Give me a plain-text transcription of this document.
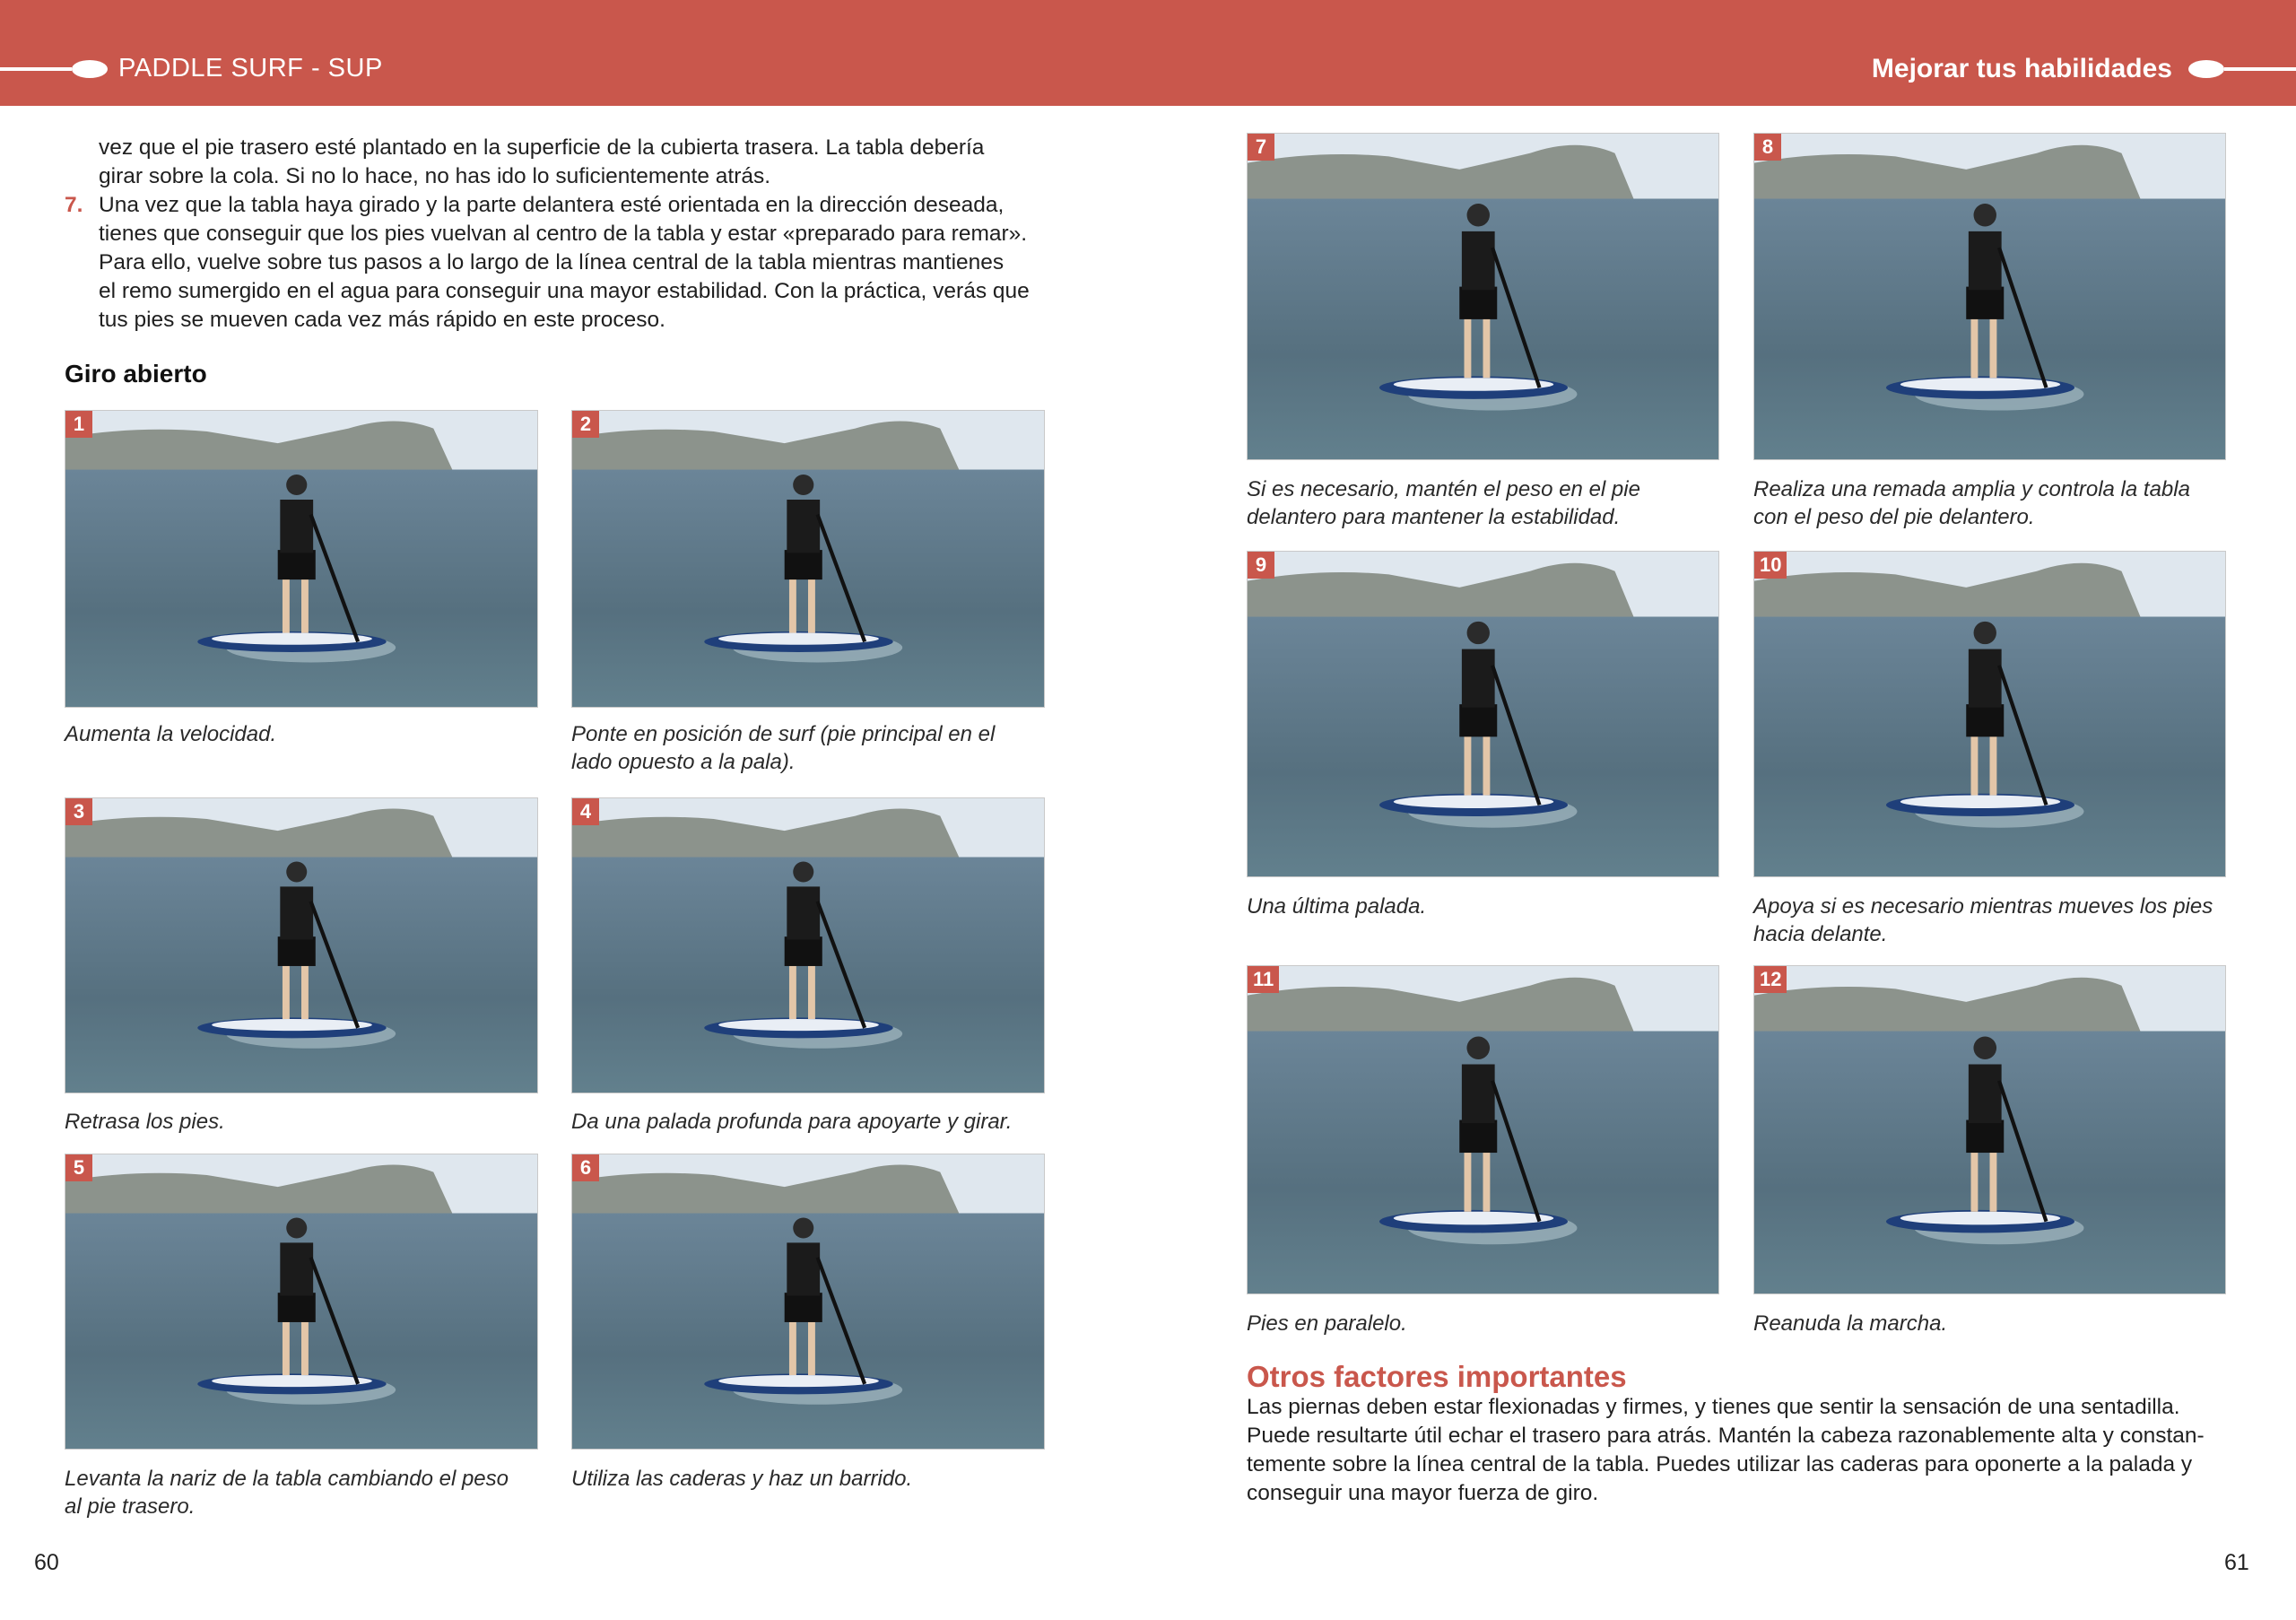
PADDLE SURF - SUP	Mejorar tus habilidades
vez que el pie trasero esté plantado en la superficie de la cubierta trasera. La tabla debería
girar sobre la cola. Si no lo hace, no has ido lo suficientemente atrás.
7. Una vez que la tabla haya girado y la parte delantera esté orientada en la dirección deseada,
tienes que conseguir que los pies vuelvan al centro de la tabla y estar «preparado para remar».
Para ello, vuelve sobre tus pasos a lo largo de la línea central de la tabla mientras mantienes
el remo sumergido en el agua para conseguir una mayor estabilidad. Con la práctica, verás que
tus pies se mueven cada vez más rápido en este proceso.
Giro abierto
1
Aumenta la velocidad.
2
Ponte en posición de surf (pie principal en el
lado opuesto a la pala).
3
Retrasa los pies.
4
Da una palada profunda para apoyarte y girar.
5
Levanta la nariz de la tabla cambiando el peso
al pie trasero.
6
Utiliza las caderas y haz un barrido.
7
Si es necesario, mantén el peso en el pie
delantero para mantener la estabilidad.
8
Realiza una remada amplia y controla la tabla
con el peso del pie delantero.
9
Una última palada.
10
Apoya si es necesario mientras mueves los pies
hacia delante.
11
Pies en paralelo.
12
Reanuda la marcha.
Otros factores importantes
Las piernas deben estar flexionadas y firmes, y tienes que sentir la sensación de una sentadilla.
Puede resultarte útil echar el trasero para atrás. Mantén la cabeza razonablemente alta y constan-
temente sobre la línea central de la tabla. Puedes utilizar las caderas para oponerte a la palada y
conseguir una mayor fuerza de giro.
60	61
